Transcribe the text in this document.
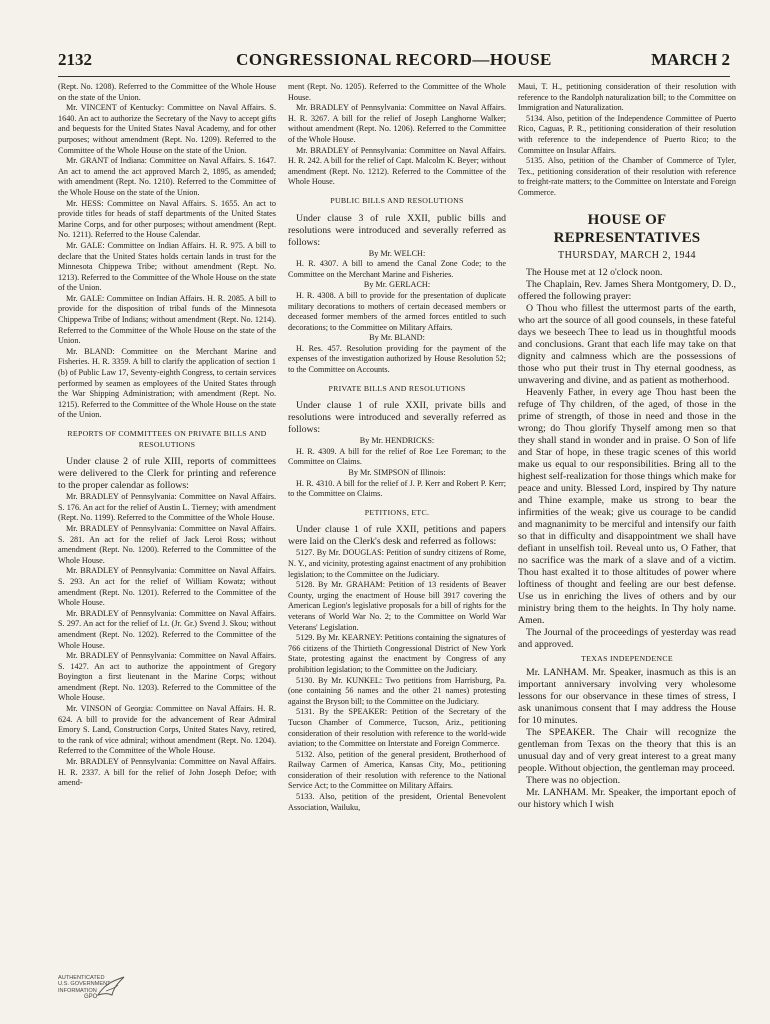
2132	CONGRESSIONAL RECORD—HOUSE	MARCH 2

(Rept. No. 1208). Referred to the Committee of the Whole House on the state of the Union.

Mr. VINCENT of Kentucky: Committee on Naval Affairs. S. 1640. An act to authorize the Secretary of the Navy to accept gifts and bequests for the United States Naval Academy, and for other purposes; without amendment (Rept. No. 1209). Referred to the Committee of the Whole House on the state of the Union.

Mr. GRANT of Indiana: Committee on Naval Affairs. S. 1647. An act to amend the act approved March 2, 1895, as amended; with amendment (Rept. No. 1210). Referred to the Committee of the Whole House on the state of the Union.

Mr. HESS: Committee on Naval Affairs. S. 1655. An act to provide titles for heads of staff departments of the United States Marine Corps, and for other purposes; without amendment (Rept. No. 1211). Referred to the House Calendar.

Mr. GALE: Committee on Indian Affairs. H. R. 975. A bill to declare that the United States holds certain lands in trust for the Minnesota Chippewa Tribe; without amendment (Rept. No. 1213). Referred to the Committee of the Whole House on the state of the Union.

Mr. GALE: Committee on Indian Affairs. H. R. 2085. A bill to provide for the disposition of tribal funds of the Minnesota Chippewa Tribe of Indians; without amendment (Rept. No. 1214). Referred to the Committee of the Whole House on the state of the Union.

Mr. BLAND: Committee on the Merchant Marine and Fisheries. H. R. 3359. A bill to clarify the application of section 1 (b) of Public Law 17, Seventy-eighth Congress, to certain services performed by seamen as employees of the United States through the War Shipping Administration; with amendment (Rept. No. 1215). Referred to the Committee of the Whole House on the state of the Union.

REPORTS OF COMMITTEES ON PRIVATE BILLS AND RESOLUTIONS

Under clause 2 of rule XIII, reports of committees were delivered to the Clerk for printing and reference to the proper calendar as follows:

Mr. BRADLEY of Pennsylvania: Committee on Naval Affairs. S. 176. An act for the relief of Austin L. Tierney; with amendment (Rept. No. 1199). Referred to the Committee of the Whole House.

Mr. BRADLEY of Pennsylvania: Committee on Naval Affairs. S. 281. An act for the relief of Jack Leroi Ross; without amendment (Rept. No. 1200). Referred to the Committee of the Whole House.

Mr. BRADLEY of Pennsylvania: Committee on Naval Affairs. S. 293. An act for the relief of William Kowatz; without amendment (Rept. No. 1201). Referred to the Committee of the Whole House.

Mr. BRADLEY of Pennsylvania: Committee on Naval Affairs. S. 297. An act for the relief of Lt. (Jr. Gr.) Svend J. Skou; without amendment (Rept. No. 1202). Referred to the Committee of the Whole House.

Mr. BRADLEY of Pennsylvania: Committee on Naval Affairs. S. 1427. An act to authorize the appointment of Gregory Boyington a first lieutenant in the Marine Corps; without amendment (Rept. No. 1203). Referred to the Committee of the Whole House.

Mr. VINSON of Georgia: Committee on Naval Affairs. H. R. 624. A bill to provide for the advancement of Rear Admiral Emory S. Land, Construction Corps, United States Navy, retired, to the rank of vice admiral; without amendment (Rept. No. 1204). Referred to the Committee of the Whole House.

Mr. BRADLEY of Pennsylvania: Committee on Naval Affairs. H. R. 2337. A bill for the relief of John Joseph Defoe; with amend-

ment (Rept. No. 1205). Referred to the Committee of the Whole House.

Mr. BRADLEY of Pennsylvania: Committee on Naval Affairs. H. R. 3267. A bill for the relief of Joseph Langhorne Walker; without amendment (Rept. No. 1206). Referred to the Committee of the Whole House.

Mr. BRADLEY of Pennsylvania: Committee on Naval Affairs. H. R. 242. A bill for the relief of Capt. Malcolm K. Beyer; without amendment (Rept. No. 1212). Referred to the Committee of the Whole House.

PUBLIC BILLS AND RESOLUTIONS

Under clause 3 of rule XXII, public bills and resolutions were introduced and severally referred as follows:

By Mr. WELCH:

H. R. 4307. A bill to amend the Canal Zone Code; to the Committee on the Merchant Marine and Fisheries.

By Mr. GERLACH:

H. R. 4308. A bill to provide for the presentation of duplicate military decorations to mothers of certain deceased members or deceased former members of the armed forces entitled to such decorations; to the Committee on Military Affairs.

By Mr. BLAND:

H. Res. 457. Resolution providing for the payment of the expenses of the investigation authorized by House Resolution 52; to the Committee on Accounts.

PRIVATE BILLS AND RESOLUTIONS

Under clause 1 of rule XXII, private bills and resolutions were introduced and severally referred as follows:

By Mr. HENDRICKS:

H. R. 4309. A bill for the relief of Roe Lee Foreman; to the Committee on Claims.

By Mr. SIMPSON of Illinois:

H. R. 4310. A bill for the relief of J. P. Kerr and Robert P. Kerr; to the Committee on Claims.

PETITIONS, ETC.

Under clause 1 of rule XXII, petitions and papers were laid on the Clerk's desk and referred as follows:

5127. By Mr. DOUGLAS: Petition of sundry citizens of Rome, N. Y., and vicinity, protesting against enactment of any prohibition legislation; to the Committee on the Judiciary.

5128. By Mr. GRAHAM: Petition of 13 residents of Beaver County, urging the enactment of House bill 3917 covering the American Legion's legislative proposals for a bill of rights for the veterans of World War No. 2; to the Committee on World War Veterans' Legislation.

5129. By Mr. KEARNEY: Petitions containing the signatures of 766 citizens of the Thirtieth Congressional District of New York State, protesting against the enactment by Congress of any prohibition legislation; to the Committee on the Judiciary.

5130. By Mr. KUNKEL: Two petitions from Harrisburg, Pa. (one containing 56 names and the other 21 names) protesting against the Bryson bill; to the Committee on the Judiciary.

5131. By the SPEAKER: Petition of the Secretary of the Tucson Chamber of Commerce, Tucson, Ariz., petitioning consideration of their resolution with reference to the world-wide aviation; to the Committee on Interstate and Foreign Commerce.

5132. Also, petition of the general president, Brotherhood of Railway Carmen of America, Kansas City, Mo., petitioning consideration of their resolution with reference to the National Service Act; to the Committee on Military Affairs.

5133. Also, petition of the president, Oriental Benevolent Association, Wailuku,

Maui, T. H., petitioning consideration of their resolution with reference to the Randolph naturalization bill; to the Committee on Immigration and Naturalization.

5134. Also, petition of the Independence Committee of Puerto Rico, Caguas, P. R., petitioning consideration of their resolution with reference to the independence of Puerto Rico; to the Committee on Insular Affairs.

5135. Also, petition of the Chamber of Commerce of Tyler, Tex., petitioning consideration of their resolution with reference to freight-rate matters; to the Committee on Interstate and Foreign Commerce.

HOUSE OF REPRESENTATIVES
THURSDAY, MARCH 2, 1944

The House met at 12 o'clock noon.

The Chaplain, Rev. James Shera Montgomery, D. D., offered the following prayer:

O Thou who fillest the uttermost parts of the earth, who art the source of all good counsels, in these fateful days we beseech Thee to lead us in thoughtful moods and conclusions. Grant that each life may take on that dignity and calmness which are the possessions of those who put their trust in Thy eternal goodness, as unwavering and divine, and as patient as motherhood.

Heavenly Father, in every age Thou hast been the refuge of Thy children, of the aged, of those in the prime of strength, of those in need and those in the wrong; do Thou glorify Thyself among men so that they shall stand in wonder and in praise. O Son of life and Star of hope, in these tragic scenes of this world make us equal to our responsibilities. Bring all to the highest self-realization for those things which make for peace and unity. Blessed Lord, inspired by Thy nature and Thine example, make us strong to bear the infirmities of the weak; give us courage to be candid and magnanimity to be merciful and intensify our faith so that in difficulty and disappointment we shall have defiant in unselfish toil. Reveal unto us, O Father, that no sacrifice was the mark of a slave and of a victim. Thou hast exalted it to those altitudes of power where loftiness of thought and feeling are our best defense. Use us in enriching the lives of others and by our ministry bring them to the heights. In Thy holy name. Amen.

The Journal of the proceedings of yesterday was read and approved.

TEXAS INDEPENDENCE

Mr. LANHAM. Mr. Speaker, inasmuch as this is an important anniversary involving very wholesome lessons for our observance in these times of stress, I ask unanimous consent that I may address the House for 10 minutes.

The SPEAKER. The Chair will recognize the gentleman from Texas on the theory that this is an unusual day and of very great interest to a great many people. Without objection, the gentleman may proceed.

There was no objection.

Mr. LANHAM. Mr. Speaker, the important epoch of our history which I wish

AUTHENTICATED
U.S. GOVERNMENT
INFORMATION
GPO
